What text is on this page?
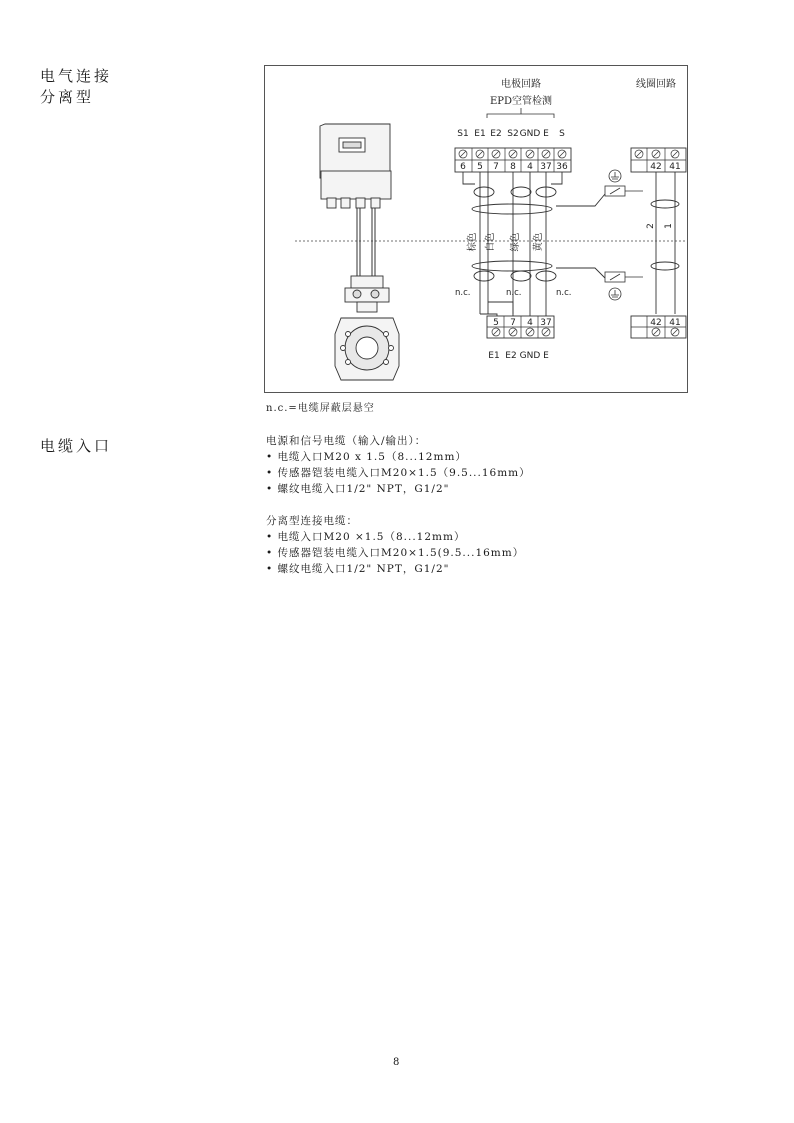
电气连接
分离型
电极回路
EPD空管检测
线圈回路
S1 E1 E2 S2 GND E S
6 5 7 8 4 37 36	42 41
棕色 白色 绿色 黄色
2 1
n.c.	n.c.	n.c.
5 7 4 37
E1 E2 GND E
42 41
n.c.=电缆屏蔽层悬空
电缆入口	电源和信号电缆（输入/输出）：
• 电缆入口M20 x 1.5（8...12mm）
• 传感器铠装电缆入口M20×1.5（9.5...16mm）
• 螺纹电缆入口1/2" NPT，G1/2"
分离型连接电缆：
• 电缆入口M20 ×1.5（8...12mm）
• 传感器铠装电缆入口M20×1.5(9.5...16mm）
• 螺纹电缆入口1/2" NPT，G1/2"
8
